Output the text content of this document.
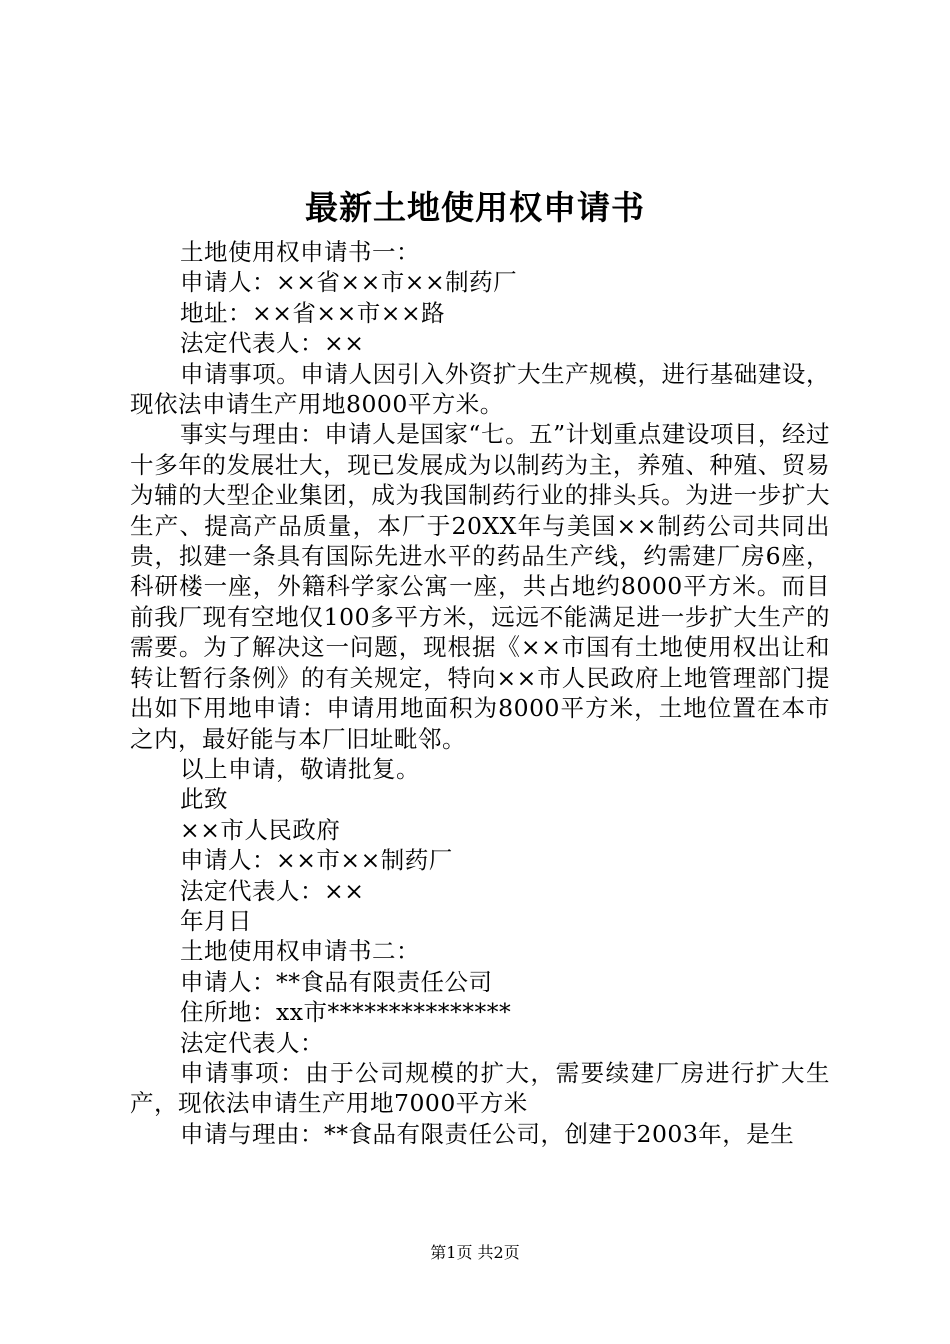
最新土地使用权申请书

土地使用权申请书一：

申请人：××省××市××制药厂

地址：××省××市××路

法定代表人：××

申请事项。申请人因引入外资扩大生产规模，进行基础建设，现依法申请生产用地8000平方米。

事实与理由：申请人是国家“七。五”计划重点建设项目，经过十多年的发展壮大，现已发展成为以制药为主，养殖、种殖、贸易为辅的大型企业集团，成为我国制药行业的排头兵。为进一步扩大生产、提高产品质量，本厂于20XX年与美国××制药公司共同出贵，拟建一条具有国际先进水平的药品生产线，约需建厂房6座，科研楼一座，外籍科学家公寓一座，共占地约8000平方米。而目前我厂现有空地仅100多平方米，远远不能满足进一步扩大生产的需要。为了解决这一问题，现根据《××市国有土地使用权出让和转让暂行条例》的有关规定，特向××市人民政府上地管理部门提出如下用地申请：申请用地面积为8000平方米，土地位置在本市之内，最好能与本厂旧址毗邻。

以上申请，敬请批复。

此致

××市人民政府

申请人：××市××制药厂

法定代表人：××

年月日

土地使用权申请书二：

申请人：**食品有限责任公司

住所地：xx市***************

法定代表人：

申请事项：由于公司规模的扩大，需要续建厂房进行扩大生产，现依法申请生产用地7000平方米

申请与理由：**食品有限责任公司，创建于2003年，是生

第1页 共2页
